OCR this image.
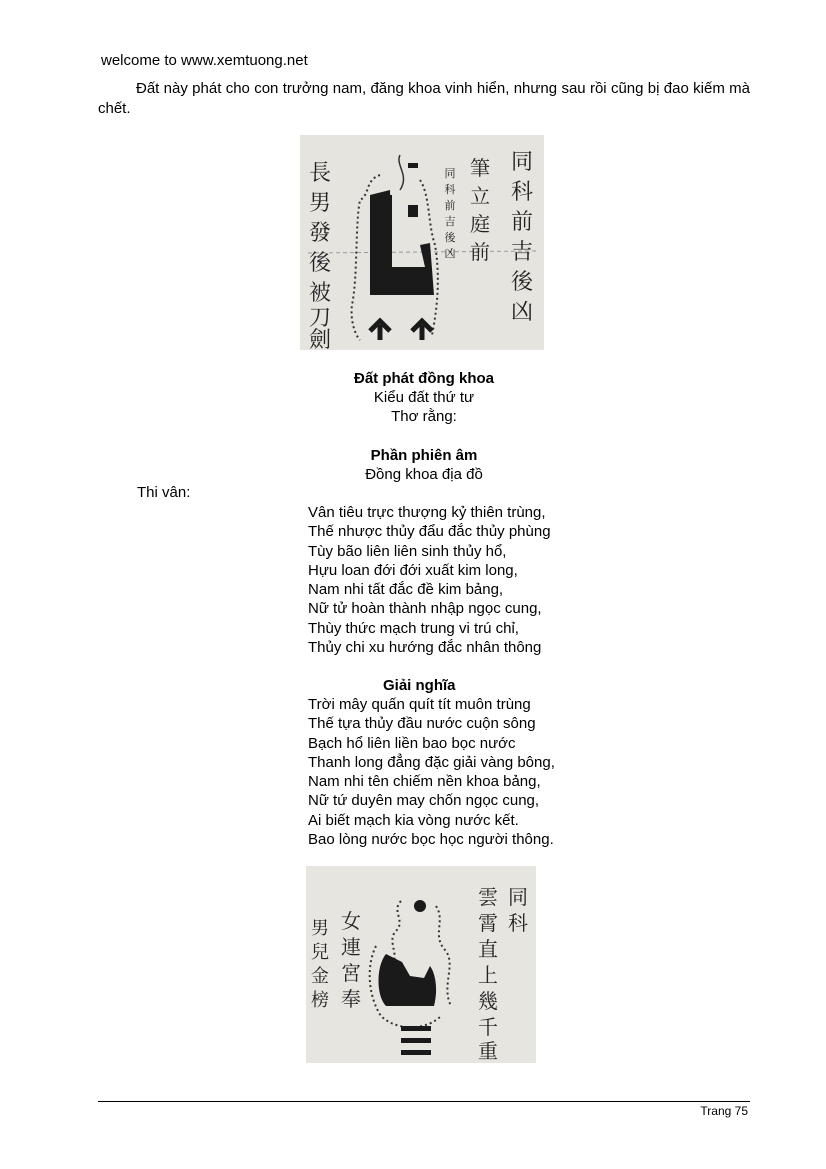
welcome to www.xemtuong.net

Đất này phát cho con trưởng nam, đăng khoa vinh hiển, nhưng sau rồi cũng bị đao kiếm mà chết.

同
科
前
吉
後
凶
筆
立
庭
前
同
科
前
吉
後
凶
長
男
發
後
被
刀
劍
Đất phát đồng khoa
Kiểu đất thứ tư
Thơ rằng:
Phần phiên âm
Đồng khoa địa đồ
Thi vân:
Vân tiêu trực thượng kỷ thiên trùng,
Thế nhược thủy đẩu đắc thủy phùng
Tùy bão liên liên sinh thủy hổ,
Hựu loan đới đới xuất kim long,
Nam nhi tất đắc đề kim bảng,
Nữ tử hoàn thành nhập ngọc cung,
Thùy thức mạch trung vi trú chỉ,
Thủy chi xu hướng đắc nhân thông
Giải nghĩa
Trời mây quấn quít tít muôn trùng
Thế tựa thủy đầu nước cuộn sông
Bạch hổ liên liền bao bọc nước
Thanh long đẳng đặc giải vàng bông,
Nam nhi tên chiếm nền khoa bảng,
Nữ tứ duyên may chốn ngọc cung,
Ai biết mạch kia vòng nước kết.
Bao lòng nước bọc học người thông.
同
科
雲
霄
直
上
幾
千
重
女
連
宮
奉
男
兒
金
榜
Trang 75
